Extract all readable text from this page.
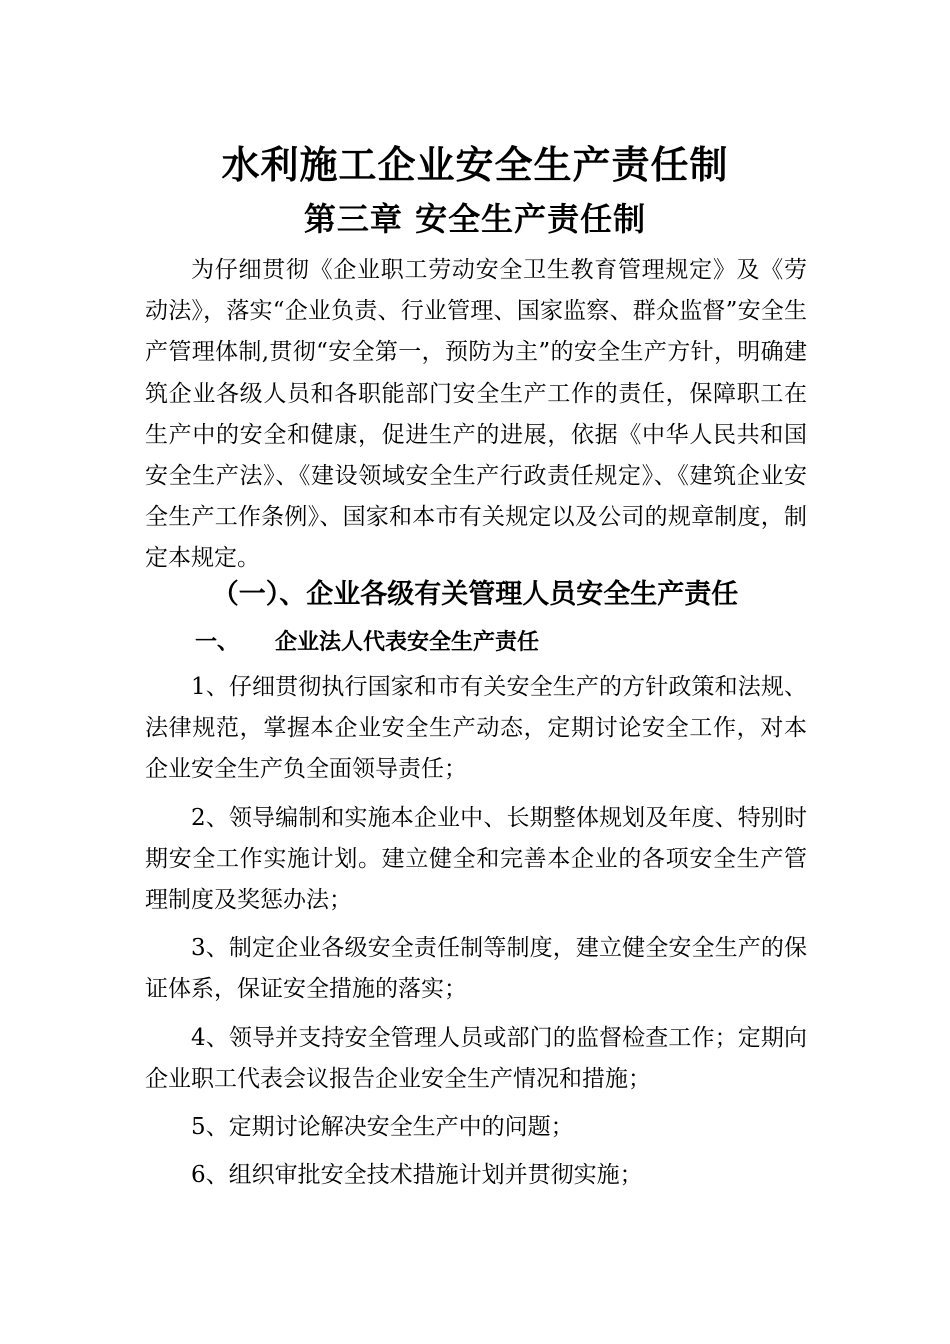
水利施工企业安全生产责任制
第三章 安全生产责任制

为仔细贯彻《企业职工劳动安全卫生教育管理规定》及《劳动法》，落实“企业负责、行业管理、国家监察、群众监督”安全生产管理体制,贯彻“安全第一，预防为主”的安全生产方针，明确建筑企业各级人员和各职能部门安全生产工作的责任，保障职工在生产中的安全和健康，促进生产的进展，依据《中华人民共和国安全生产法》、《建设领域安全生产行政责任规定》、《建筑企业安全生产工作条例》、国家和本市有关规定以及公司的规章制度，制定本规定。

（一）、企业各级有关管理人员安全生产责任
一、 企业法人代表安全生产责任

1、仔细贯彻执行国家和市有关安全生产的方针政策和法规、法律规范，掌握本企业安全生产动态，定期讨论安全工作，对本企业安全生产负全面领导责任；

2、领导编制和实施本企业中、长期整体规划及年度、特别时期安全工作实施计划。建立健全和完善本企业的各项安全生产管理制度及奖惩办法；

3、制定企业各级安全责任制等制度，建立健全安全生产的保证体系，保证安全措施的落实；

4、领导并支持安全管理人员或部门的监督检查工作；定期向企业职工代表会议报告企业安全生产情况和措施；

5、定期讨论解决安全生产中的问题；

6、组织审批安全技术措施计划并贯彻实施；
